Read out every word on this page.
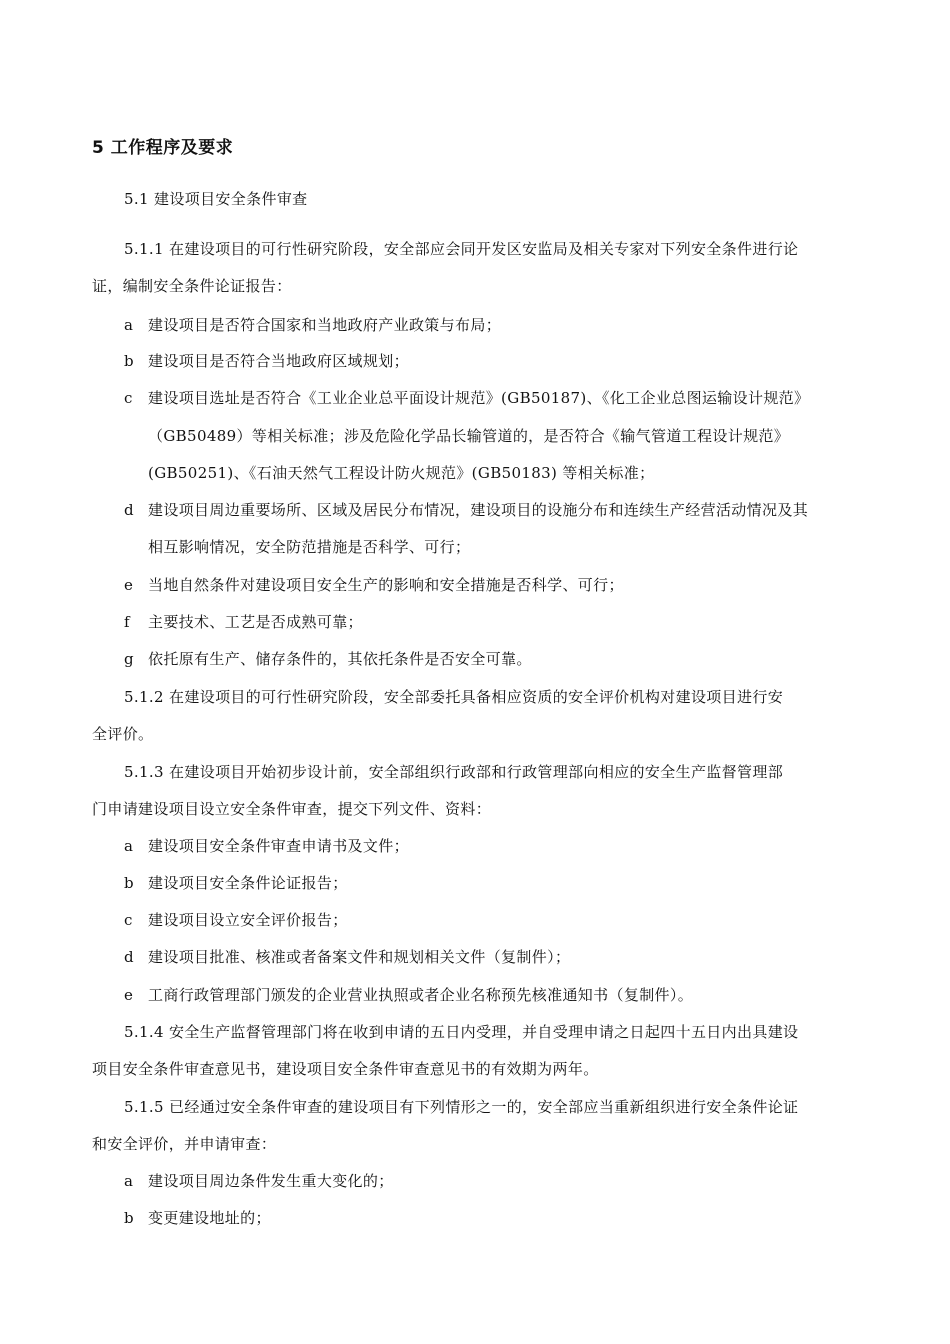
5 工作程序及要求
5.1 建设项目安全条件审查
5.1.1 在建设项目的可行性研究阶段，安全部应会同开发区安监局及相关专家对下列安全条件进行论
证，编制安全条件论证报告：
a 建设项目是否符合国家和当地政府产业政策与布局；
b 建设项目是否符合当地政府区域规划；
c 建设项目选址是否符合《工业企业总平面设计规范》(GB50187)、《化工企业总图运输设计规范》
（GB50489）等相关标准；涉及危险化学品长输管道的，是否符合《输气管道工程设计规范》
(GB50251)、《石油天然气工程设计防火规范》(GB50183) 等相关标准；
d 建设项目周边重要场所、区域及居民分布情况，建设项目的设施分布和连续生产经营活动情况及其
相互影响情况，安全防范措施是否科学、可行；
e 当地自然条件对建设项目安全生产的影响和安全措施是否科学、可行；
f 主要技术、工艺是否成熟可靠；
g 依托原有生产、储存条件的，其依托条件是否安全可靠。
5.1.2 在建设项目的可行性研究阶段，安全部委托具备相应资质的安全评价机构对建设项目进行安
全评价。
5.1.3 在建设项目开始初步设计前，安全部组织行政部和行政管理部向相应的安全生产监督管理部
门申请建设项目设立安全条件审查，提交下列文件、资料：
a 建设项目安全条件审查申请书及文件；
b 建设项目安全条件论证报告；
c 建设项目设立安全评价报告；
d 建设项目批准、核准或者备案文件和规划相关文件（复制件）；
e 工商行政管理部门颁发的企业营业执照或者企业名称预先核准通知书（复制件）。
5.1.4 安全生产监督管理部门将在收到申请的五日内受理，并自受理申请之日起四十五日内出具建设
项目安全条件审查意见书，建设项目安全条件审查意见书的有效期为两年。
5.1.5 已经通过安全条件审查的建设项目有下列情形之一的，安全部应当重新组织进行安全条件论证
和安全评价，并申请审查：
a 建设项目周边条件发生重大变化的；
b 变更建设地址的；
